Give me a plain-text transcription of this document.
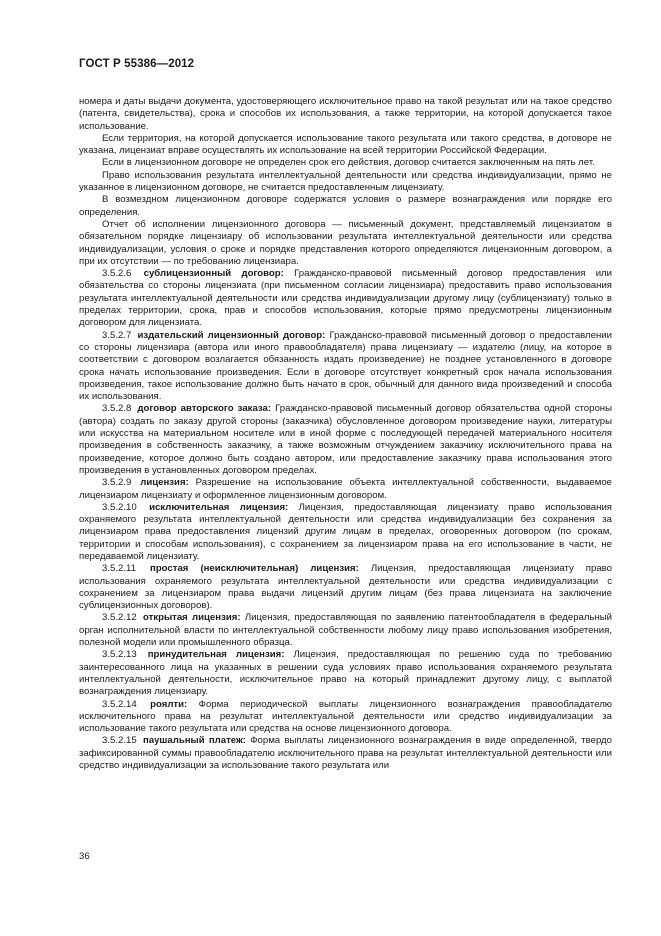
ГОСТ Р 55386—2012

номера и даты выдачи документа, удостоверяющего исключительное право на такой результат или на такое средство (патента, свидетельства), срока и способов их использования, а также территории, на которой допускается такое использование.

Если территория, на которой допускается использование такого результата или такого средства, в договоре не указана, лицензиат вправе осуществлять их использование на всей территории Российской Федерации.

Если в лицензионном договоре не определен срок его действия, договор считается заключенным на пять лет.

Право использования результата интеллектуальной деятельности или средства индивидуализации, прямо не указанное в лицензионном договоре, не считается предоставленным лицензиату.

В возмездном лицензионном договоре содержатся условия о размере вознаграждения или порядке его определения.

Отчет об исполнении лицензионного договора — письменный документ, представляемый лицензиатом в обязательном порядке лицензиару об использовании результата интеллектуальной деятельности или средства индивидуализации, условия о сроке и порядке представления которого определяются лицензионным договором, а при их отсутствии — по требованию лицензиара.

3.5.2.6 сублицензионный договор: Гражданско-правовой письменный договор предоставления или обязательства со стороны лицензиата (при письменном согласии лицензиара) предоставить право использования результата интеллектуальной деятельности или средства индивидуализации другому лицу (сублицензиату) только в пределах территории, срока, прав и способов использования, которые прямо предусмотрены лицензионным договором для лицензиата.

3.5.2.7 издательский лицензионный договор: Гражданско-правовой письменный договор о предоставлении со стороны лицензиара (автора или иного правообладателя) права лицензиату — издателю (лицу, на которое в соответствии с договором возлагается обязанность издать произведение) не позднее установленного в договоре срока начать использование произведения. Если в договоре отсутствует конкретный срок начала использования произведения, такое использование должно быть начато в срок, обычный для данного вида произведений и способа их использования.

3.5.2.8 договор авторского заказа: Гражданско-правовой письменный договор обязательства одной стороны (автора) создать по заказу другой стороны (заказчика) обусловленное договором произведение науки, литературы или искусства на материальном носителе или в иной форме с последующей передачей материального носителя произведения в собственность заказчику, а также возможным отчуждением заказчику исключительного права на произведение, которое должно быть создано автором, или предоставление заказчику права использования этого произведения в установленных договором пределах.

3.5.2.9 лицензия: Разрешение на использование объекта интеллектуальной собственности, выдаваемое лицензиаром лицензиату и оформленное лицензионным договором.

3.5.2.10 исключительная лицензия: Лицензия, предоставляющая лицензиату право использования охраняемого результата интеллектуальной деятельности или средства индивидуализации без сохранения за лицензиаром права предоставления лицензий другим лицам в пределах, оговоренных договором (по срокам, территории и способам использования), с сохранением за лицензиаром права на его использование в части, не передаваемой лицензиату.

3.5.2.11 простая (неисключительная) лицензия: Лицензия, предоставляющая лицензиату право использования охраняемого результата интеллектуальной деятельности или средства индивидуализации с сохранением за лицензиаром права выдачи лицензий другим лицам (без права лицензиата на заключение сублицензионных договоров).

3.5.2.12 открытая лицензия: Лицензия, предоставляющая по заявлению патентообладателя в федеральный орган исполнительной власти по интеллектуальной собственности любому лицу право использования изобретения, полезной модели или промышленного образца.

3.5.2.13 принудительная лицензия: Лицензия, предоставляющая по решению суда по требованию заинтересованного лица на указанных в решении суда условиях право использования охраняемого результата интеллектуальной деятельности, исключительное право на который принадлежит другому лицу, с выплатой вознаграждения лицензиару.

3.5.2.14 роялти: Форма периодической выплаты лицензионного вознаграждения правообладателю исключительного права на результат интеллектуальной деятельности или средство индивидуализации за использование такого результата или средства на основе лицензионного договора.

3.5.2.15 паушальный платеж: Форма выплаты лицензионного вознаграждения в виде определенной, твердо зафиксированной суммы правообладателю исключительного права на результат интеллектуальной деятельности или средство индивидуализации за использование такого результата или

36
